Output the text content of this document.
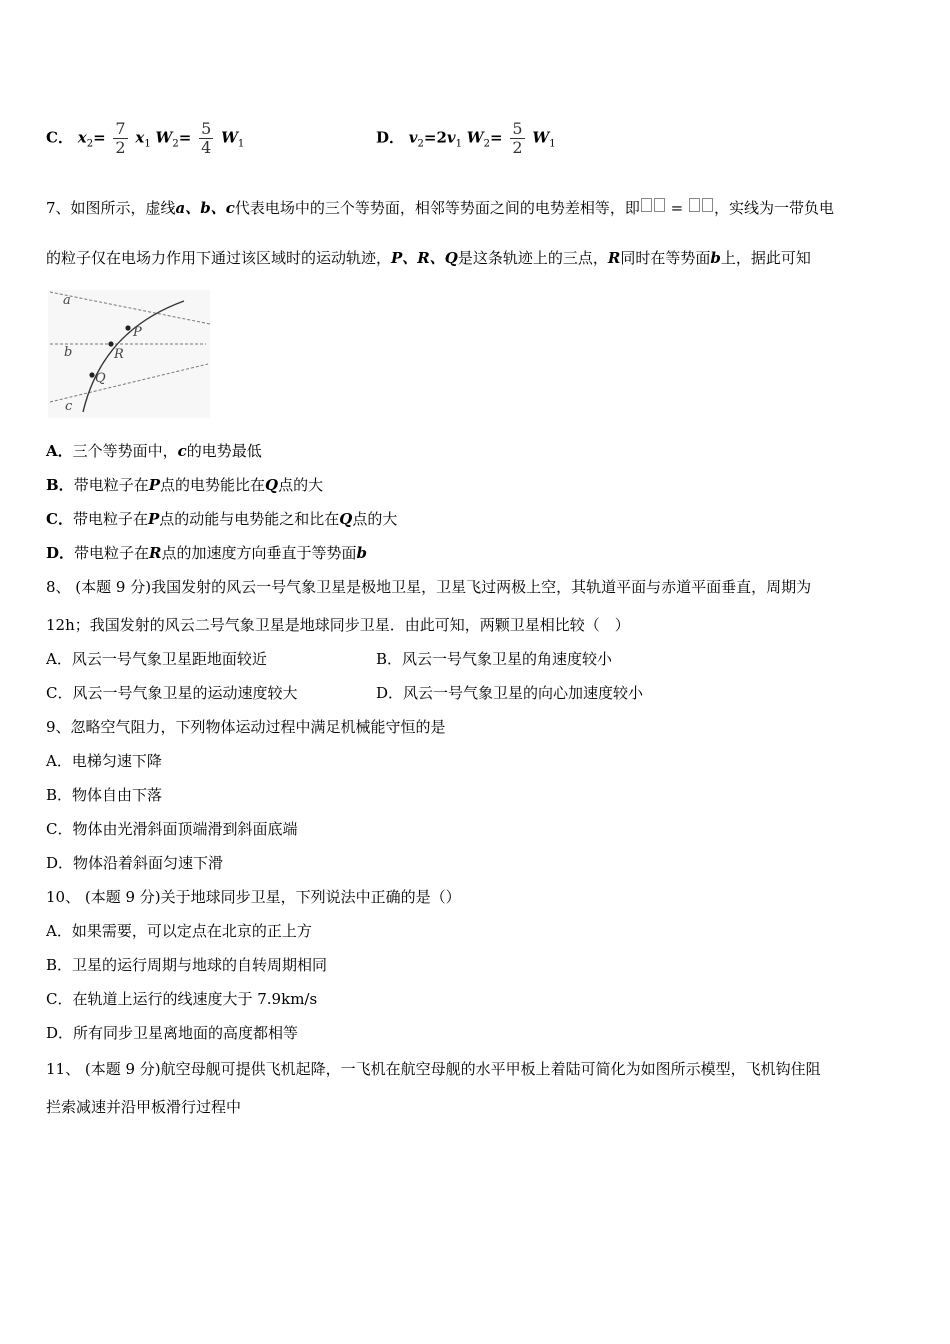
C． $x_2= \frac{7}{2} x_1$ $W_2= \frac{5}{4} W_1$	D． $v_2=2v_1$ $W_2= \frac{5}{2} W_1$
7、如图所示，虚线a、b、c代表电场中的三个等势面，相邻等势面之间的电势差相等，即 = ，实线为一带负电
的粒子仅在电场力作用下通过该区域时的运动轨迹，P、R、Q是这条轨迹上的三点，R同时在等势面b上，据此可知
a
b
c
P
R
Q
A．三个等势面中，c的电势最低
B．带电粒子在P点的电势能比在Q点的大
C．带电粒子在P点的动能与电势能之和比在Q点的大
D．带电粒子在R点的加速度方向垂直于等势面b
8、 (本题 9 分)我国发射的风云一号气象卫星是极地卫星，卫星飞过两极上空，其轨道平面与赤道平面垂直，周期为
12h；我国发射的风云二号气象卫星是地球同步卫星．由此可知，两颗卫星相比较（　）
A．风云一号气象卫星距地面较近	B．风云一号气象卫星的角速度较小
C．风云一号气象卫星的运动速度较大	D．风云一号气象卫星的向心加速度较小
9、忽略空气阻力，下列物体运动过程中满足机械能守恒的是
A．电梯匀速下降
B．物体自由下落
C．物体由光滑斜面顶端滑到斜面底端
D．物体沿着斜面匀速下滑
10、 (本题 9 分)关于地球同步卫星，下列说法中正确的是（）
A．如果需要，可以定点在北京的正上方
B．卫星的运行周期与地球的自转周期相同
C．在轨道上运行的线速度大于 7.9km/s
D．所有同步卫星离地面的高度都相等
11、 (本题 9 分)航空母舰可提供飞机起降，一飞机在航空母舰的水平甲板上着陆可简化为如图所示模型，飞机钩住阻
拦索减速并沿甲板滑行过程中
